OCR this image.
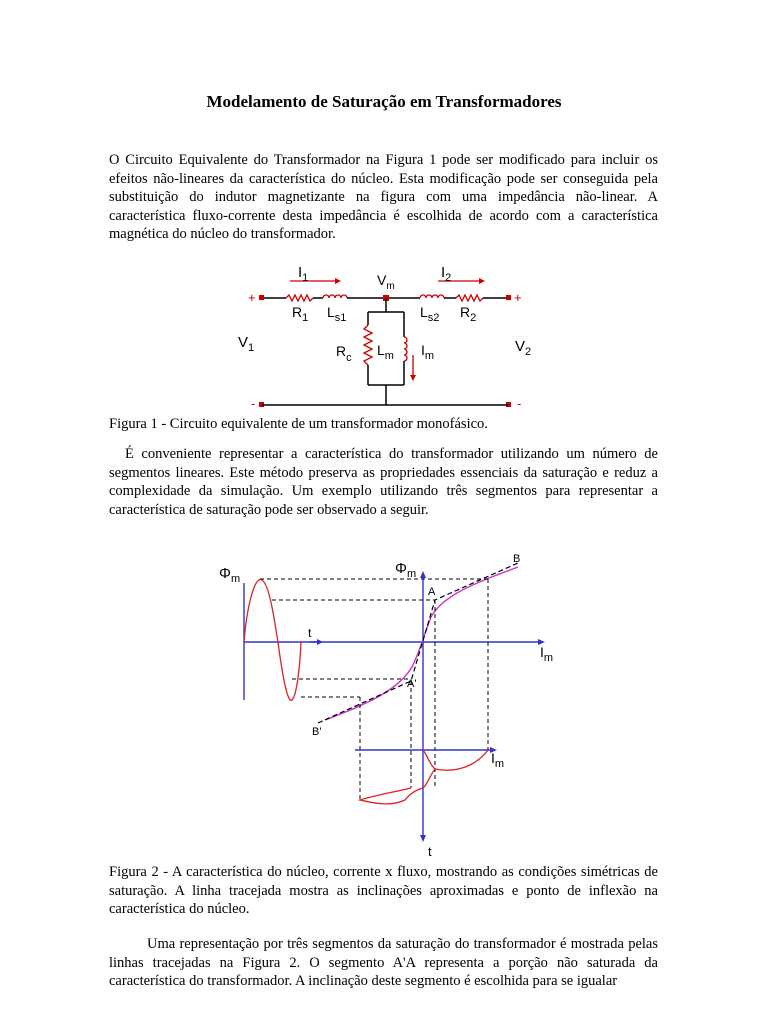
Modelamento de Saturação em Transformadores

O Circuito Equivalente do Transformador na Figura 1 pode ser modificado para incluir os efeitos não-lineares da característica do núcleo. Esta modificação pode ser conseguida pela substituição do indutor magnetizante na figura com uma impedância não-linear. A característica fluxo-corrente desta impedância é escolhida de acordo com a característica magnética do núcleo do transformador.

$I_1$	$I_2$
$V_m$
$R_1$ $L_{s1}$	$L_{s2}$ $R_2$
$V_1$	$V_2$
$R_c$ $L_m$ $I_m$
+	+
-	-

Figura 1 - Circuito equivalente de um transformador monofásico.

É conveniente representar a característica do transformador utilizando um número de segmentos lineares. Este método preserva as propriedades essenciais da saturação e reduz a complexidade da simulação. Um exemplo utilizando três segmentos para representar a característica de saturação pode ser observado a seguir.

$\Phi_m$
$\Phi_m$
t
$I_m$
$I_m$
t
A
A'
B
B'

Figura 2 - A característica do núcleo, corrente x fluxo, mostrando as condições simétricas de saturação. A linha tracejada mostra as inclinações aproximadas e ponto de inflexão na característica do núcleo.

Uma representação por três segmentos da saturação do transformador é mostrada pelas linhas tracejadas na Figura 2. O segmento A'A representa a porção não saturada da característica do transformador. A inclinação deste segmento é escolhida para se igualar
